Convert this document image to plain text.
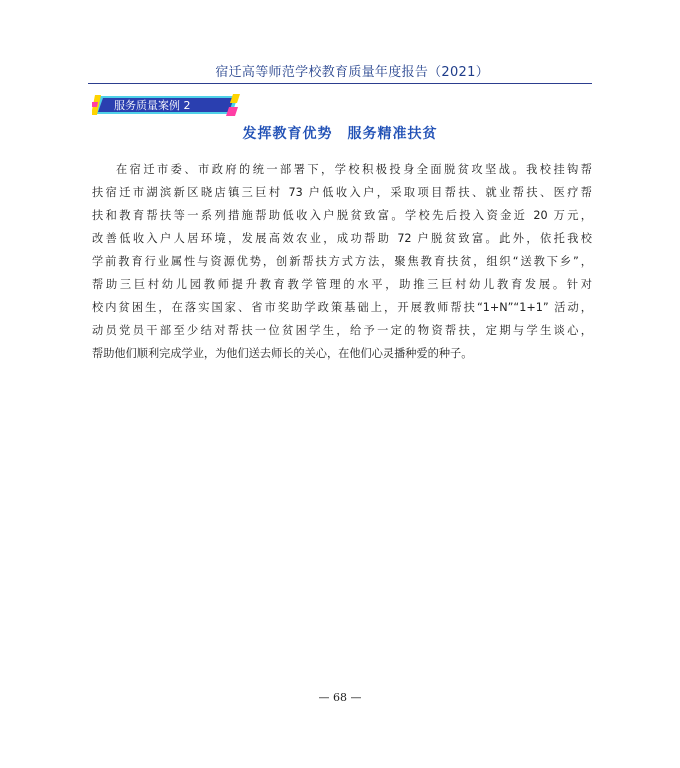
宿迁高等师范学校教育质量年度报告（2021）
服务质量案例 2
发挥教育优势　服务精准扶贫
在宿迁市委、市政府的统一部署下，学校积极投身全面脱贫攻坚战。我校挂钩帮
扶宿迁市湖滨新区晓店镇三巨村 73 户低收入户，采取项目帮扶、就业帮扶、医疗帮
扶和教育帮扶等一系列措施帮助低收入户脱贫致富。学校先后投入资金近 20 万元，
改善低收入户人居环境，发展高效农业，成功帮助 72 户脱贫致富。此外，依托我校
学前教育行业属性与资源优势，创新帮扶方式方法，聚焦教育扶贫，组织“送教下乡”，
帮助三巨村幼儿园教师提升教育教学管理的水平，助推三巨村幼儿教育发展。针对
校内贫困生，在落实国家、省市奖助学政策基础上，开展教师帮扶“1+N”“1+1” 活动，
动员党员干部至少结对帮扶一位贫困学生，给予一定的物资帮扶，定期与学生谈心，
帮助他们顺利完成学业，为他们送去师长的关心，在他们心灵播种爱的种子。
— 68 —
